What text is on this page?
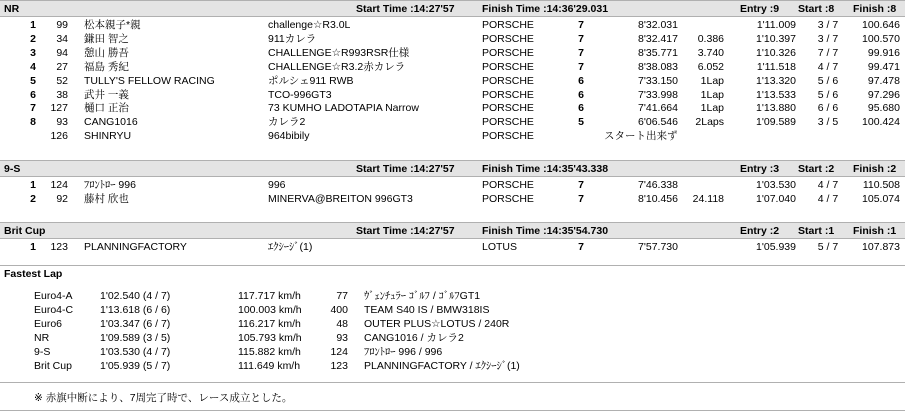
NR	Start Time :14:27'57	Finish Time :14:36'29.031	Entry :9 Start :8 Finish :8
1	99 松本親子*親	challenge☆R3.0L	PORSCHE	7	8'32.031	1'11.009	3 / 7	100.646
2	34 鎌田 智之	911カレラ	PORSCHE	7	8'32.417	0.386	1'10.397	3 / 7	100.570
3	94 憩山 勝吾	CHALLENGE☆R993RSR仕様	PORSCHE	7	8'35.771	3.740	1'10.326	7 / 7	99.916
4	27 福島 秀紀	CHALLENGE☆R3.2赤カレラ	PORSCHE	7	8'38.083	6.052	1'11.518	4 / 7	99.471
5	52 TULLY'S FELLOW RACING	ポルシェ911 RWB	PORSCHE	6	7'33.150	1Lap	1'13.320	5 / 6	97.478
6	38 武井 一義	TCO-996GT3	PORSCHE	6	7'33.998	1Lap	1'13.533	5 / 6	97.296
7	127 樋口 正治	73 KUMHO LADOTAPIA Narrow	PORSCHE	6	7'41.664	1Lap	1'13.880	6 / 6	95.680
8	93 CANG1016	カレラ2	PORSCHE	5	6'06.546	2Laps	1'09.589	3 / 5	100.424
126 SHINRYU	964bibily	PORSCHE	スタート出来ず
9-S	Start Time :14:27'57	Finish Time :14:35'43.338	Entry :3 Start :2 Finish :2
1	124 ﾌﾛﾝﾄﾛｰ 996	996	PORSCHE	7	7'46.338	1'03.530	4 / 7	110.508
2	92 藤村 欣也	MINERVA@BREITON 996GT3	PORSCHE	7	8'10.456	24.118	1'07.040	4 / 7	105.074
Brit Cup	Start Time :14:27'57	Finish Time :14:35'54.730	Entry :2 Start :1 Finish :1
1	123 PLANNINGFACTORY	ｴｸｼｰｼﾞ(1)	LOTUS	7	7'57.730	1'05.939	5 / 7	107.873
Fastest Lap
Euro4-A	1'02.540 (4 / 7)	117.717 km/h	77 ｳﾞｪﾝﾁｭﾗｰ ｺﾞﾙﾌ / ｺﾞﾙﾌGT1
Euro4-C	1'13.618 (6 / 6)	100.003 km/h	400 TEAM S40 IS / BMW318IS
Euro6	1'03.347 (6 / 7)	116.217 km/h	48 OUTER PLUS☆LOTUS / 240R
NR	1'09.589 (3 / 5)	105.793 km/h	93 CANG1016 / カレラ2
9-S	1'03.530 (4 / 7)	115.882 km/h	124 ﾌﾛﾝﾄﾛｰ 996 / 996
Brit Cup	1'05.939 (5 / 7)	111.649 km/h	123 PLANNINGFACTORY / ｴｸｼｰｼﾞ(1)
※ 赤旗中断により、7周完了時で、レース成立とした。
